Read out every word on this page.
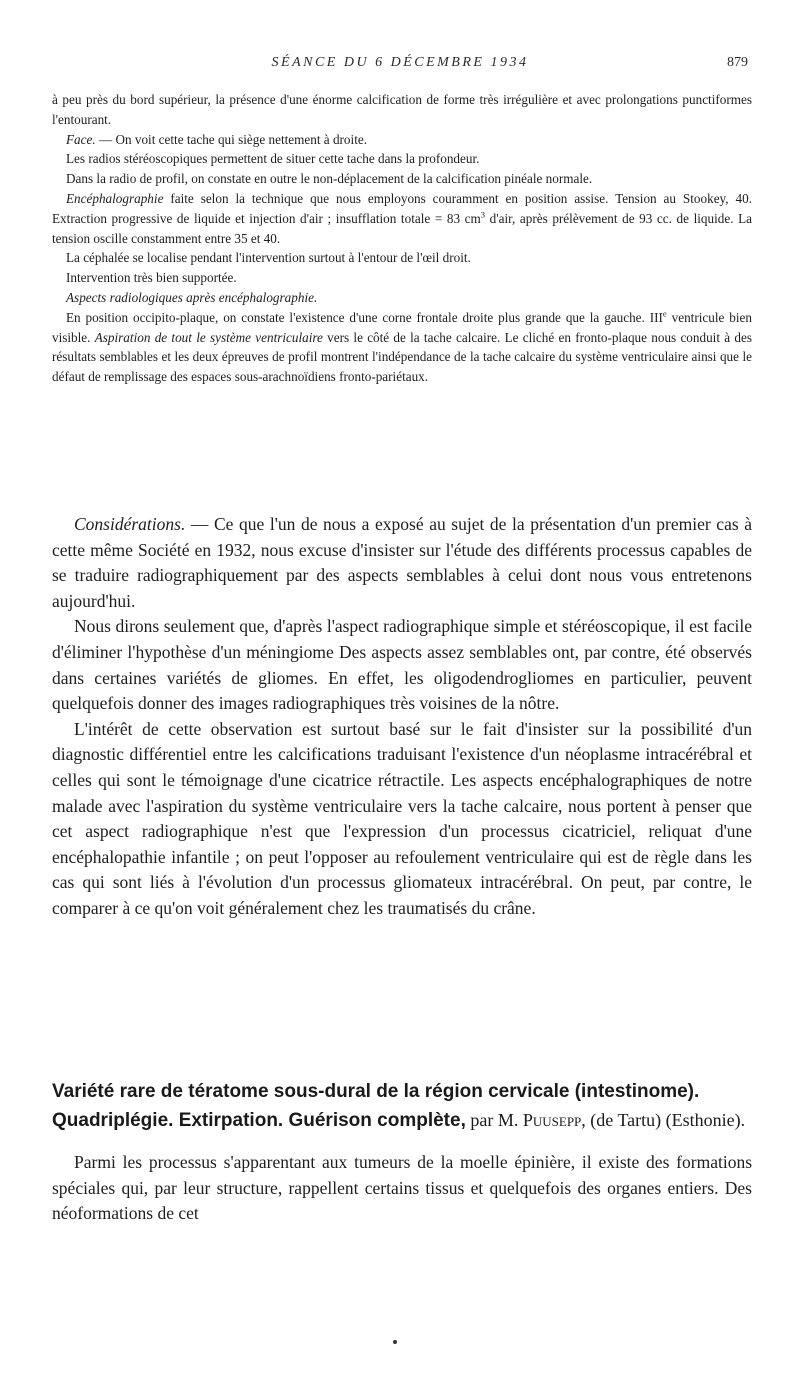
SÉANCE DU 6 DÉCEMBRE 1934	879

à peu près du bord supérieur, la présence d'une énorme calcification de forme très irrégulière et avec prolongations punctiformes l'entourant.

Face. — On voit cette tache qui siège nettement à droite.

Les radios stéréoscopiques permettent de situer cette tache dans la profondeur.

Dans la radio de profil, on constate en outre le non-déplacement de la calcification pinéale normale.

Encéphalographie faite selon la technique que nous employons couramment en position assise. Tension au Stookey, 40. Extraction progressive de liquide et injection d'air ; insufflation totale = 83 $cm^3$ d'air, après prélèvement de 93 cc. de liquide. La tension oscille constamment entre 35 et 40.

La céphalée se localise pendant l'intervention surtout à l'entour de l'œil droit.

Intervention très bien supportée.

Aspects radiologiques après encéphalographie.

En position occipito-plaque, on constate l'existence d'une corne frontale droite plus grande que la gauche. IIIe ventricule bien visible. Aspiration de tout le système ventriculaire vers le côté de la tache calcaire. Le cliché en fronto-plaque nous conduit à des résultats semblables et les deux épreuves de profil montrent l'indépendance de la tache calcaire du système ventriculaire ainsi que le défaut de remplissage des espaces sous-arachnoïdiens fronto-pariétaux.

Considérations. — Ce que l'un de nous a exposé au sujet de la présentation d'un premier cas à cette même Société en 1932, nous excuse d'insister sur l'étude des différents processus capables de se traduire radiographiquement par des aspects semblables à celui dont nous vous entretenons aujourd'hui.

Nous dirons seulement que, d'après l'aspect radiographique simple et stéréoscopique, il est facile d'éliminer l'hypothèse d'un méningiome Des aspects assez semblables ont, par contre, été observés dans certaines variétés de gliomes. En effet, les oligodendrogliomes en particulier, peuvent quelquefois donner des images radiographiques très voisines de la nôtre.

L'intérêt de cette observation est surtout basé sur le fait d'insister sur la possibilité d'un diagnostic différentiel entre les calcifications traduisant l'existence d'un néoplasme intracérébral et celles qui sont le témoignage d'une cicatrice rétractile. Les aspects encéphalographiques de notre malade avec l'aspiration du système ventriculaire vers la tache calcaire, nous portent à penser que cet aspect radiographique n'est que l'expression d'un processus cicatriciel, reliquat d'une encéphalopathie infantile ; on peut l'opposer au refoulement ventriculaire qui est de règle dans les cas qui sont liés à l'évolution d'un processus gliomateux intracérébral. On peut, par contre, le comparer à ce qu'on voit généralement chez les traumatisés du crâne.

Variété rare de tératome sous-dural de la région cervicale (intestinome). Quadriplégie. Extirpation. Guérison complète, par M. Puusepp, (de Tartu) (Esthonie).

Parmi les processus s'apparentant aux tumeurs de la moelle épinière, il existe des formations spéciales qui, par leur structure, rappellent certains tissus et quelquefois des organes entiers. Des néoformations de cet
